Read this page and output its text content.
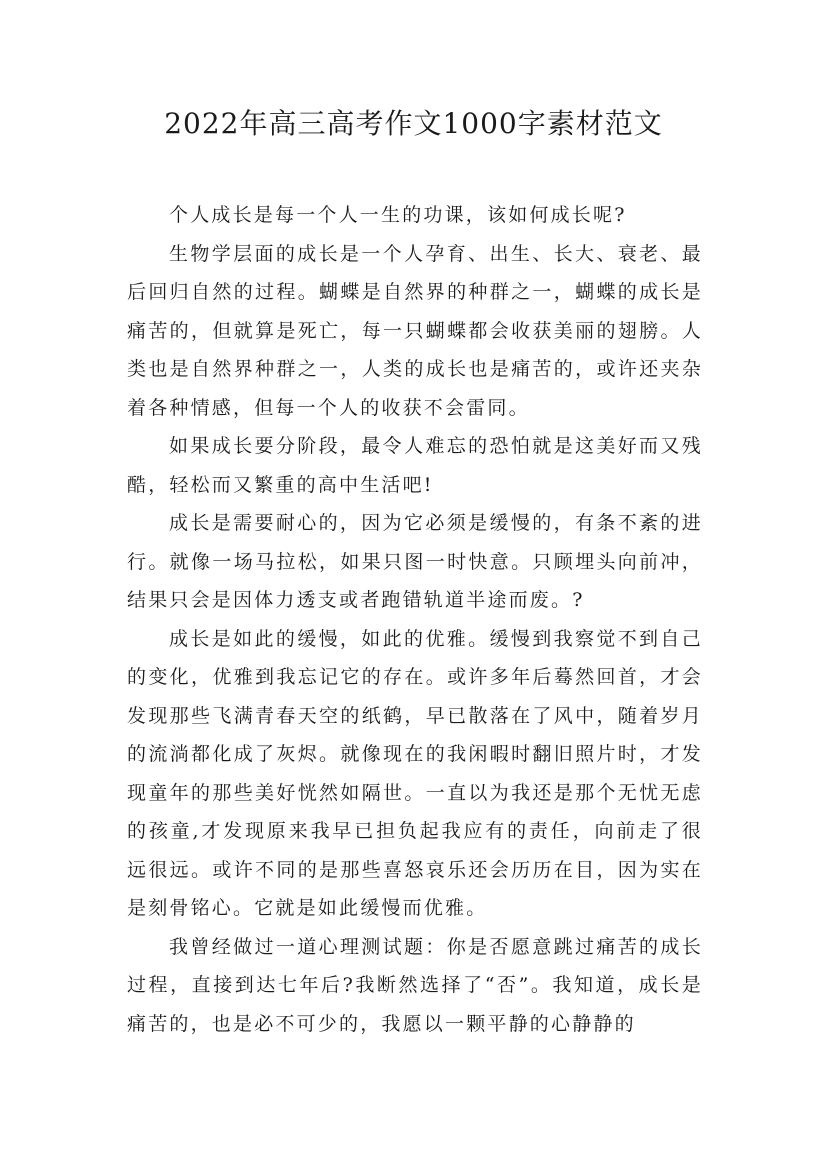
2022年高三高考作文1000字素材范文

个人成长是每一个人一生的功课，该如何成长呢?

生物学层面的成长是一个人孕育、出生、长大、衰老、最后回归自然的过程。蝴蝶是自然界的种群之一，蝴蝶的成长是痛苦的，但就算是死亡，每一只蝴蝶都会收获美丽的翅膀。人类也是自然界种群之一，人类的成长也是痛苦的，或许还夹杂着各种情感，但每一个人的收获不会雷同。

如果成长要分阶段，最令人难忘的恐怕就是这美好而又残酷，轻松而又繁重的高中生活吧!

成长是需要耐心的，因为它必须是缓慢的，有条不紊的进行。就像一场马拉松，如果只图一时快意。只顾埋头向前冲，结果只会是因体力透支或者跑错轨道半途而废。?

成长是如此的缓慢，如此的优雅。缓慢到我察觉不到自己的变化，优雅到我忘记它的存在。或许多年后蓦然回首，才会发现那些飞满青春天空的纸鹤，早已散落在了风中，随着岁月的流淌都化成了灰烬。就像现在的我闲暇时翻旧照片时，才发现童年的那些美好恍然如隔世。一直以为我还是那个无忧无虑的孩童,才发现原来我早已担负起我应有的责任，向前走了很远很远。或许不同的是那些喜怒哀乐还会历历在目，因为实在是刻骨铭心。它就是如此缓慢而优雅。

我曾经做过一道心理测试题：你是否愿意跳过痛苦的成长过程，直接到达七年后?我断然选择了“否”。我知道，成长是痛苦的，也是必不可少的，我愿以一颗平静的心静静的
